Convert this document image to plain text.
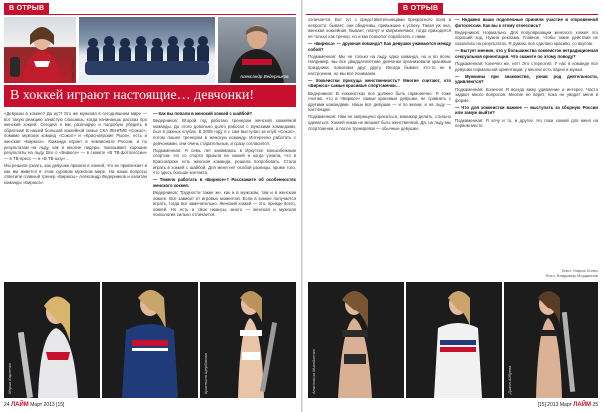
В ОТРЫВ
Варя Лопес	Александр Ведерников
В хоккей играют настоящие… девчонки!

«Девушки в хоккее? Да ну?! Это же мужская в сегодняшнем мире — вот такую реакцию зачастую слышишь, когда начинаешь рассказ про женский хоккей. Сегодня я вас разочарую и попробую убедить в обратном! В нашей большой хоккейной семье СКА ЛЕНПИЕ «Сокол», помимо мужских команд «Сокол» и «Красноярские Рыси», есть и женская «Бирюса». Команда играет в чемпионате России, и по результатам на льду, как и многие лидеры, показывает хорошие результаты на льду. Все о «Бирюсе» — в сюжете «В ТВ-фотосессии» — в ТВ-пресс — и «В ТВ-шоу»…

Мы решили узнать, как девушки пришли в хоккей, что их привлекает и как им живется в этом суровом мужском мире. На наши вопросы ответили главный тренер «Бирюсы» Александр Ведерников и капитан команды «Бирюса».

— Как вы попали в женский хоккей с шайбой?

Ведерников: Второй год работаю тренером женской хоккейной команды. До этого довольно долго работал с мужскими командами, был в разных клубах. В 2008 году я с сам выступал за клуб «Сокол», потом пошел тренером в женскую команду. Интересно работать с девчонками, они очень старательные, и сразу согласился.

Подкаменная: Я семь лет занимаюсь в Иркутске конькобежным спортом. Но со спорта пришла на хоккей и когда узнала, что в Красноярске есть женская команда, решила попробовать. Стала играть в хоккей с шайбой. Для меня нет особой разницы, кроме того, что здесь больше контакта.

— Тяжело работать в «Бирюсе»? Расскажите об особенностях женского хоккея.

Ведерников: Трудности такие же, как и в мужском, там и в женском хоккее. Все зависит от игровых моментов. Если в хоккее получается играть, тогда все замечательно. Женский хоккей — это, прежде всего, хоккей. Но есть и свои нюансы, много — женская и мужская психология сильно отличается.

Мария Карпенко	Кристина Щербакова
24 ЛАЙМ Март 2013 [15]

отличается. Вот тут с представительницами прекрасного пола и непросто: бывает, они обидчивы, привыкшие к успеху. Такая уж она, женская хоккейная. Бывает, плачут и капризничают, тогда приходится не только как тренер, но и как психолог поработать с ними.

— «Бирюса» — дружная команда? Как девушки уживаются между собой?

Подкаменная: Мы не только на льду одна команда, но и во всем. Например, мы все двадцатилетние девчонки организовали красивые праздники, помогаем друг другу. Иногда бывает, кто-то не в настроении, но мы все понимаем.

— Хоккеистки присуща женственность? Многие считают, что «Бирюса» самые красивые спортсменки…

Ведерников: В хоккеистках все должно быть гармонично. Я тоже считаю, что в «Бирюсе» самые красивые девушки, не сравнить с другими командами. Наши все девушки — и по жизни, и на льду — настоящие.

Подкаменная: Нам не запрещено краситься, маникюр делать, стильно одеваться. Хоккей никак не мешает быть женственной. Да, на льду мы спортсменки, а после тренировок — обычные девушки.

— Недавно ваши подопечные приняли участие в откровенной фотосессии. Как вы к этому отнеслись?

Ведерников: Нормально. Для популяризации женского хоккея это хороший ход. Нужна реклама. Главное, чтобы такие действия не сказались на результатах. Я думаю, все сделано красиво, со вкусом.

— Бытует мнение, что у большинства хоккеисток нетрадиционная сексуальная ориентация. Что скажете по этому поводу?

Подкаменная: Конечно же, нет! Это стереотип. У нас в команде все девушки нормальной ориентации, у многих есть парни и мужья.

— Мужчины при знакомстве, узнав род деятельности, удивляются?

Подкаменная: Конечно! Я всегда вижу удивление и интерес. Часто задают много вопросов. Многие не верят, пока не увидят меня в форме.

— Что для хоккеистки важнее — выступать за сборную России или замуж выйти?

Подкаменная: Я хочу и то, и другое. Но пока хоккей для меня на первом месте.

Текст: Мария Лопес
Фото: Владимир Мордвинов
Анастасия Михайленко	Диана Айбуева
[15] 2013 Март ЛАЙМ 25
В ОТРЫВ
